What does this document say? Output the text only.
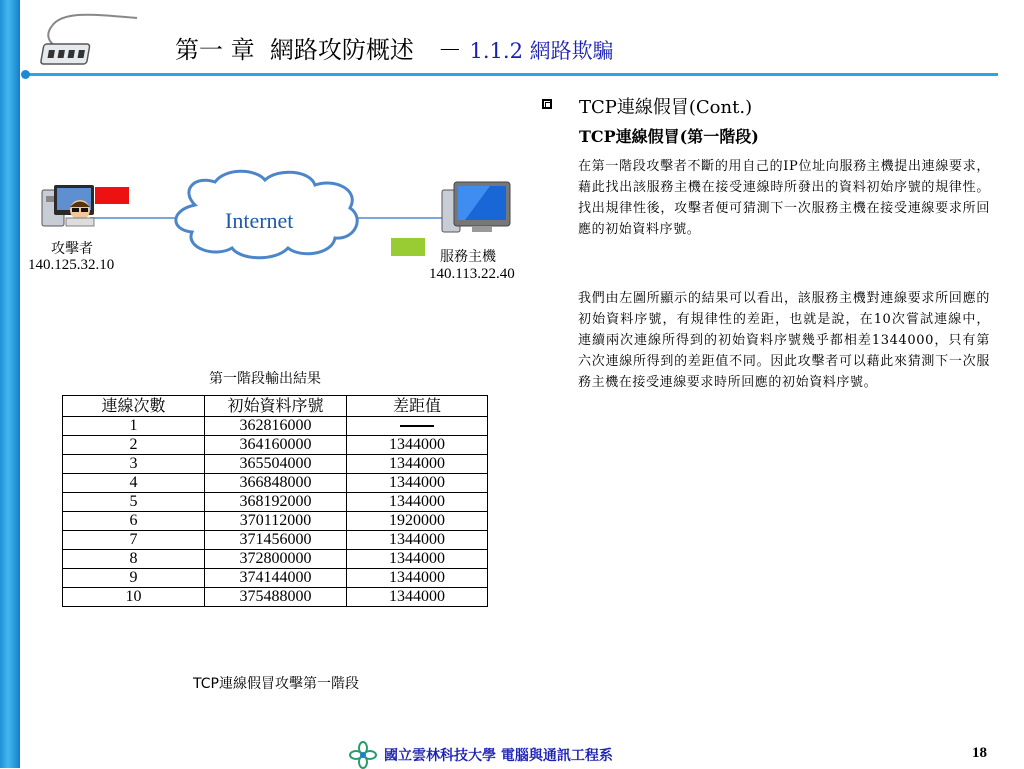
第一 章  網路攻防概述　－ 1.1.2 網路欺騙
Internet
攻擊者
140.125.32.10	服務主機
140.113.22.40
第一階段輸出結果
連線次數	初始資料序號	差距值
1	362816000	
2	364160000	1344000
3	365504000	1344000
4	366848000	1344000
5	368192000	1344000
6	370112000	1920000
7	371456000	1344000
8	372800000	1344000
9	374144000	1344000
10	375488000	1344000
TCP連線假冒攻擊第一階段
TCP連線假冒(Cont.)
TCP連線假冒(第一階段)
在第一階段攻擊者不斷的用自己的IP位址向服務主機提出連線要求，藉此找出該服務主機在接受連線時所發出的資料初始序號的規律性。找出規律性後，攻擊者便可猜測下一次服務主機在接受連線要求所回應的初始資料序號。
我們由左圖所顯示的結果可以看出，該服務主機對連線要求所回應的初始資料序號，有規律性的差距，也就是說，在10次嘗試連線中，連續兩次連線所得到的初始資料序號幾乎都相差1344000，只有第六次連線所得到的差距值不同。因此攻擊者可以藉此來猜測下一次服務主機在接受連線要求時所回應的初始資料序號。
國立雲林科技大學 電腦與通訊工程系	18
